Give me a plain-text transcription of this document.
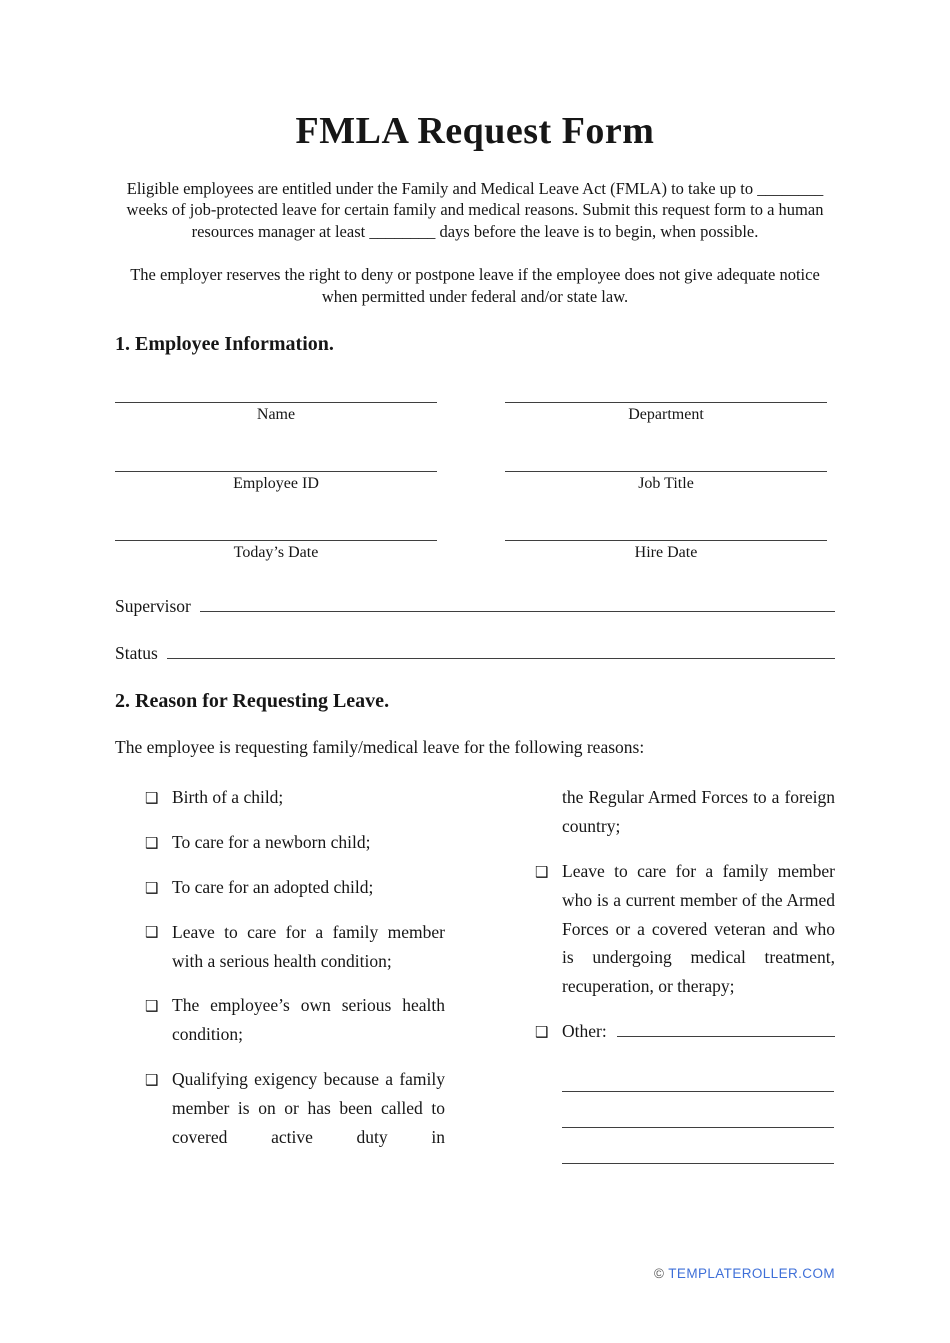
FMLA Request Form

Eligible employees are entitled under the Family and Medical Leave Act (FMLA) to take up to ________ weeks of job-protected leave for certain family and medical reasons. Submit this request form to a human resources manager at least ________ days before the leave is to begin, when possible.

The employer reserves the right to deny or postpone leave if the employee does not give adequate notice when permitted under federal and/or state law.

1. Employee Information.
Name	Department
Employee ID	Job Title
Today’s Date	Hire Date
Supervisor
Status
2. Reason for Requesting Leave.

The employee is requesting family/medical leave for the following reasons:

❑ Birth of a child;
❑ To care for a newborn child;
❑ To care for an adopted child;
❑ Leave to care for a family member with a serious health condition;
❑ The employee’s own serious health condition;
❑ Qualifying exigency because a family member is on or has been called to covered active duty in
the Regular Armed Forces to a foreign country;
❑ Leave to care for a family member who is a current member of the Armed Forces or a covered veteran and who is undergoing medical treatment, recuperation, or therapy;
❑ Other:
© TEMPLATEROLLER.COM
